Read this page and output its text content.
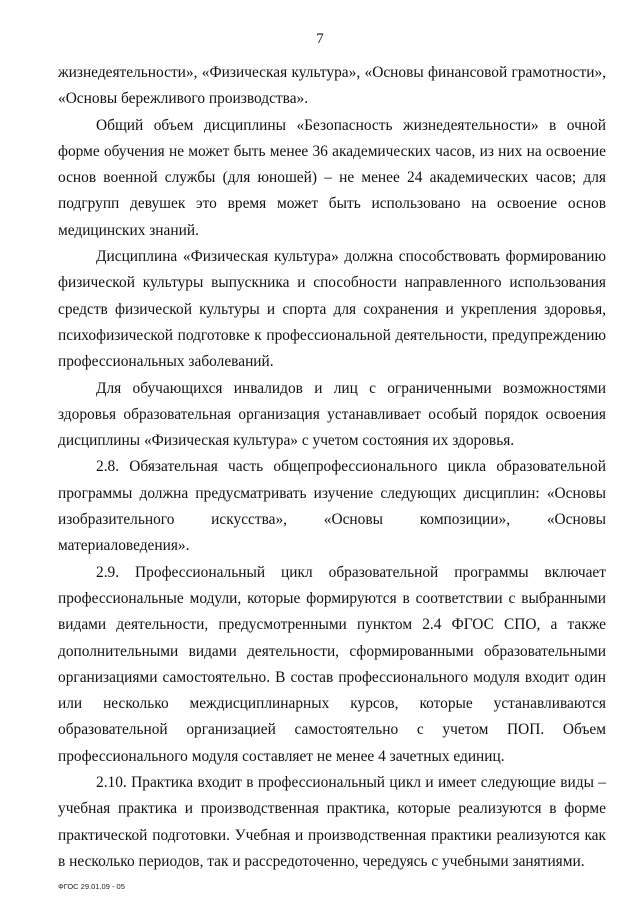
7

жизнедеятельности», «Физическая культура», «Основы финансовой грамотности», «Основы бережливого производства».

Общий объем дисциплины «Безопасность жизнедеятельности» в очной форме обучения не может быть менее 36 академических часов, из них на освоение основ военной службы (для юношей) – не менее 24 академических часов; для подгрупп девушек это время может быть использовано на освоение основ медицинских знаний.

Дисциплина «Физическая культура» должна способствовать формированию физической культуры выпускника и способности направленного использования средств физической культуры и спорта для сохранения и укрепления здоровья, психофизической подготовке к профессиональной деятельности, предупреждению профессиональных заболеваний.

Для обучающихся инвалидов и лиц с ограниченными возможностями здоровья образовательная организация устанавливает особый порядок освоения дисциплины «Физическая культура» с учетом состояния их здоровья.

2.8. Обязательная часть общепрофессионального цикла образовательной программы должна предусматривать изучение следующих дисциплин: «Основы изобразительного искусства», «Основы композиции», «Основы материаловедения».

2.9. Профессиональный цикл образовательной программы включает профессиональные модули, которые формируются в соответствии с выбранными видами деятельности, предусмотренными пунктом 2.4 ФГОС СПО, а также дополнительными видами деятельности, сформированными образовательными организациями самостоятельно. В состав профессионального модуля входит один или несколько междисциплинарных курсов, которые устанавливаются образовательной организацией самостоятельно с учетом ПОП. Объем профессионального модуля составляет не менее 4 зачетных единиц.

2.10. Практика входит в профессиональный цикл и имеет следующие виды – учебная практика и производственная практика, которые реализуются в форме практической подготовки. Учебная и производственная практики реализуются как в несколько периодов, так и рассредоточенно, чередуясь с учебными занятиями.

ФГОС 29.01.09 - 05
